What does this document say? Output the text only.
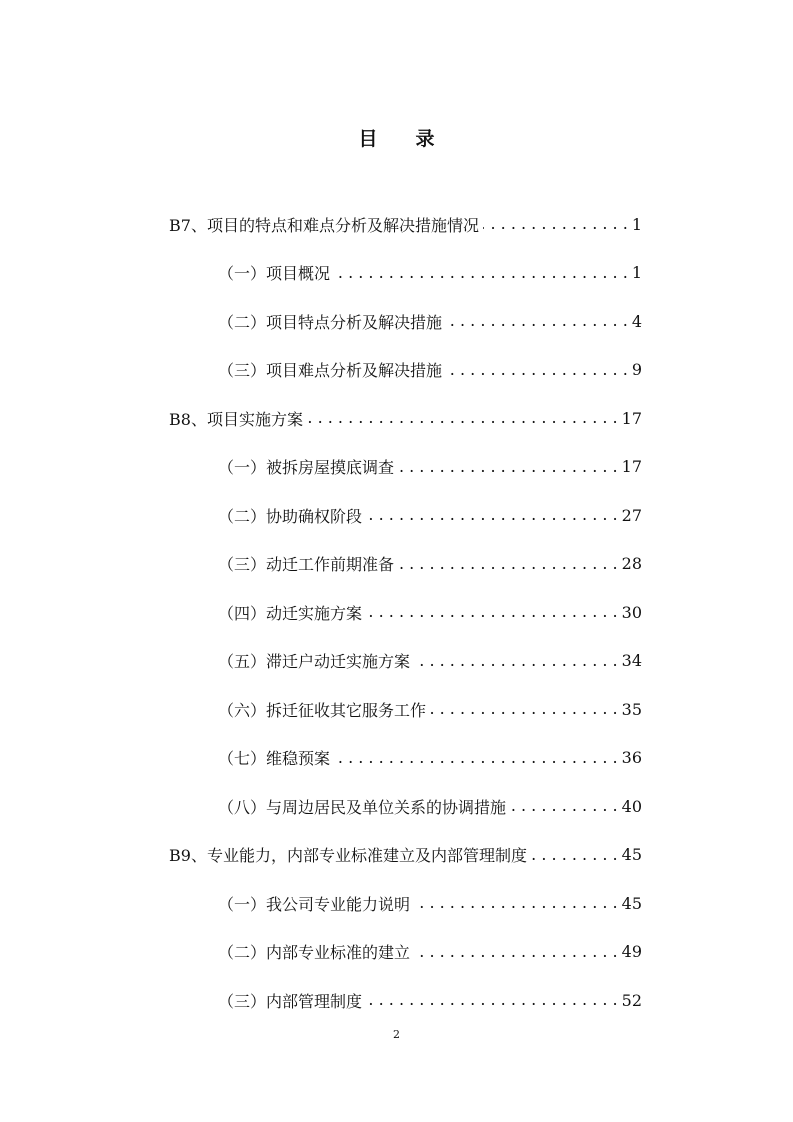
目录
B7、项目的特点和难点分析及解决措施情况 . . .	1
（一）项目概况 . . .	1
（二）项目特点分析及解决措施 . . .	4
（三）项目难点分析及解决措施 . . .	9
B8、项目实施方案 . . .	17
（一）被拆房屋摸底调查 . . .	17
（二）协助确权阶段 . . .	27
（三）动迁工作前期准备 . . .	28
（四）动迁实施方案 . . .	30
（五）滞迁户动迁实施方案 . . .	34
（六）拆迁征收其它服务工作 . . .	35
（七）维稳预案 . . .	36
（八）与周边居民及单位关系的协调措施 . . .	40
B9、专业能力，内部专业标准建立及内部管理制度 . . .	45
（一）我公司专业能力说明 . . .	45
（二）内部专业标准的建立 . . .	49
（三）内部管理制度 . . .	52
2
